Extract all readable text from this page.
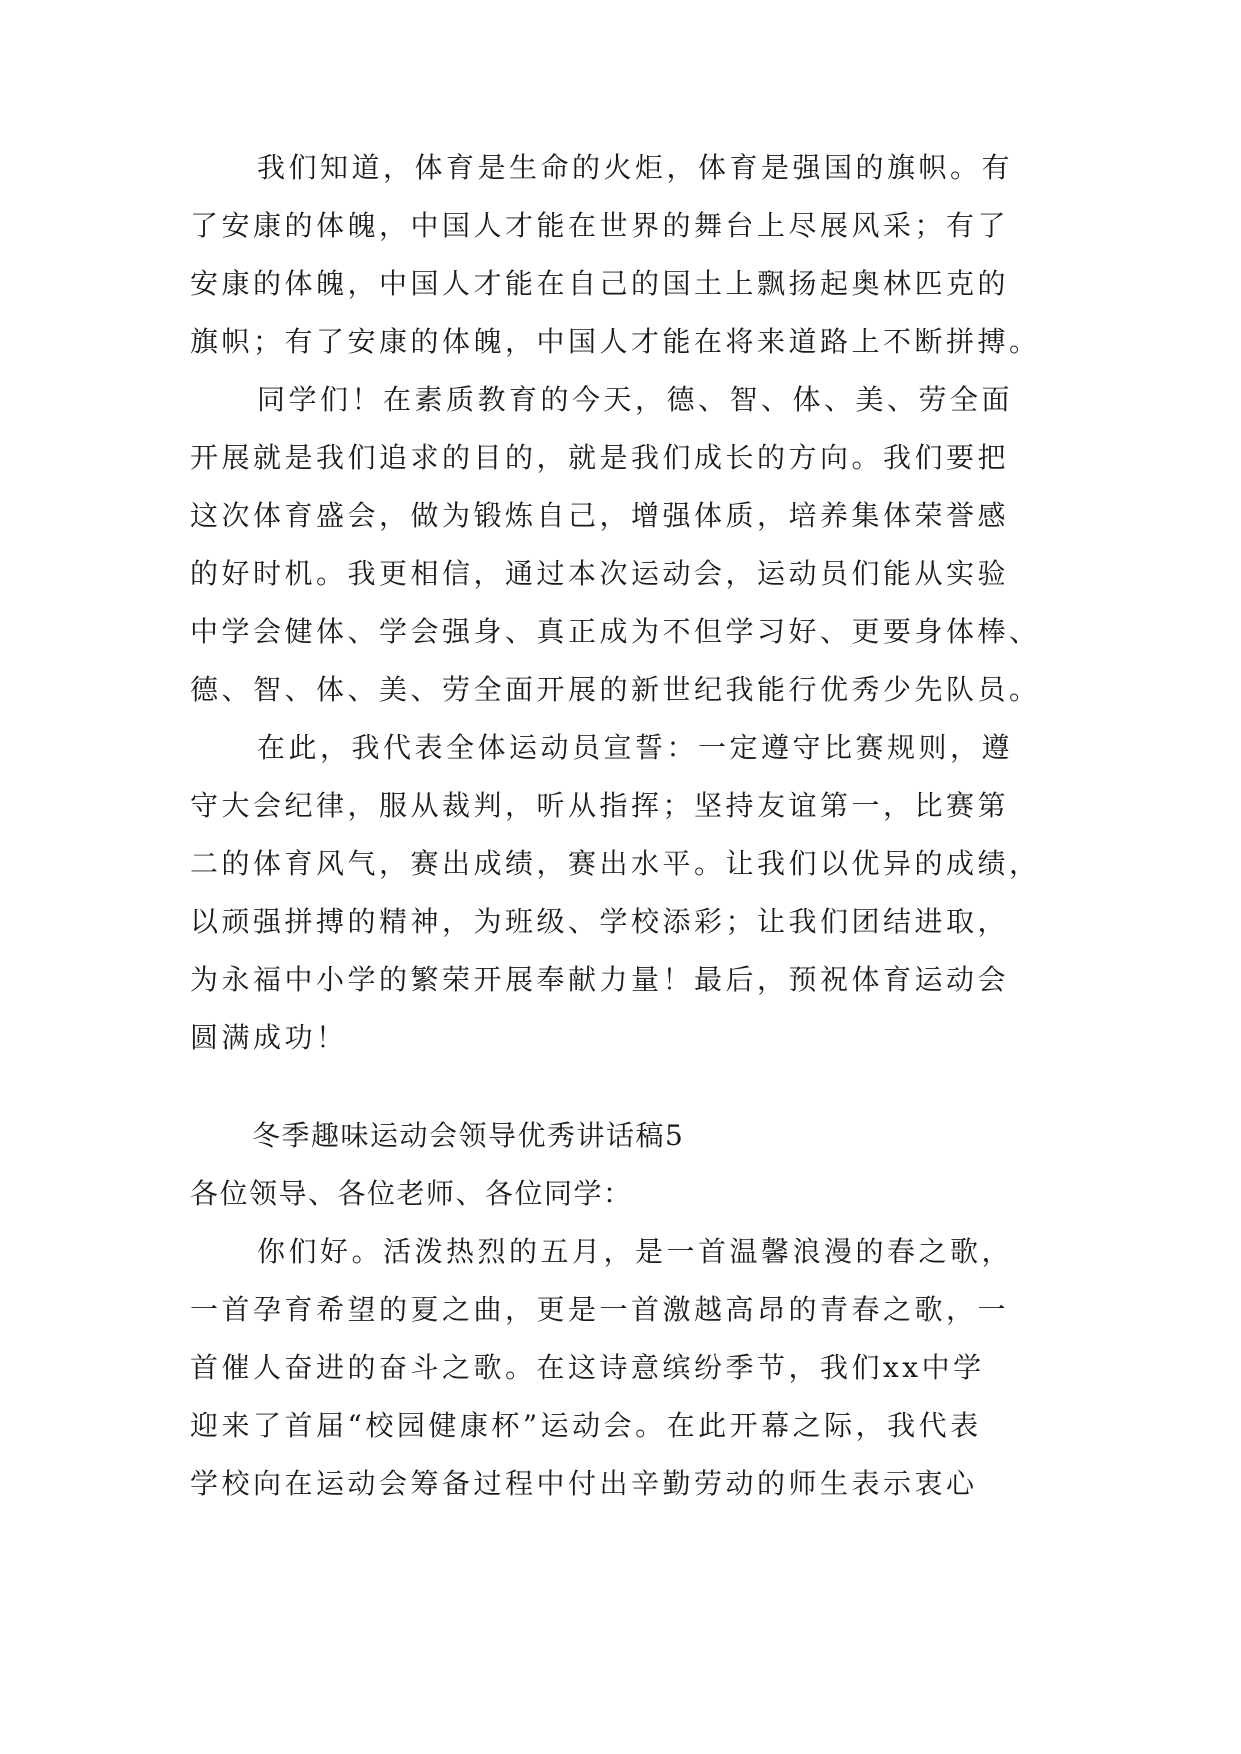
我们知道，体育是生命的火炬，体育是强国的旗帜。有
了安康的体魄，中国人才能在世界的舞台上尽展风采；有了
安康的体魄，中国人才能在自己的国土上飘扬起奥林匹克的
旗帜；有了安康的体魄，中国人才能在将来道路上不断拼搏。
同学们！在素质教育的今天，德、智、体、美、劳全面
开展就是我们追求的目的，就是我们成长的方向。我们要把
这次体育盛会，做为锻炼自己，增强体质，培养集体荣誉感
的好时机。我更相信，通过本次运动会，运动员们能从实验
中学会健体、学会强身、真正成为不但学习好、更要身体棒、
德、智、体、美、劳全面开展的新世纪我能行优秀少先队员。
在此，我代表全体运动员宣誓：一定遵守比赛规则，遵
守大会纪律，服从裁判，听从指挥；坚持友谊第一，比赛第
二的体育风气，赛出成绩，赛出水平。让我们以优异的成绩，
以顽强拼搏的精神，为班级、学校添彩；让我们团结进取，
为永福中小学的繁荣开展奉献力量！最后，预祝体育运动会
圆满成功！
冬季趣味运动会领导优秀讲话稿5
各位领导、各位老师、各位同学：
你们好。活泼热烈的五月，是一首温馨浪漫的春之歌，
一首孕育希望的夏之曲，更是一首激越高昂的青春之歌，一
首催人奋进的奋斗之歌。在这诗意缤纷季节，我们xx中学
迎来了首届“校园健康杯”运动会。在此开幕之际，我代表
学校向在运动会筹备过程中付出辛勤劳动的师生表示衷心
